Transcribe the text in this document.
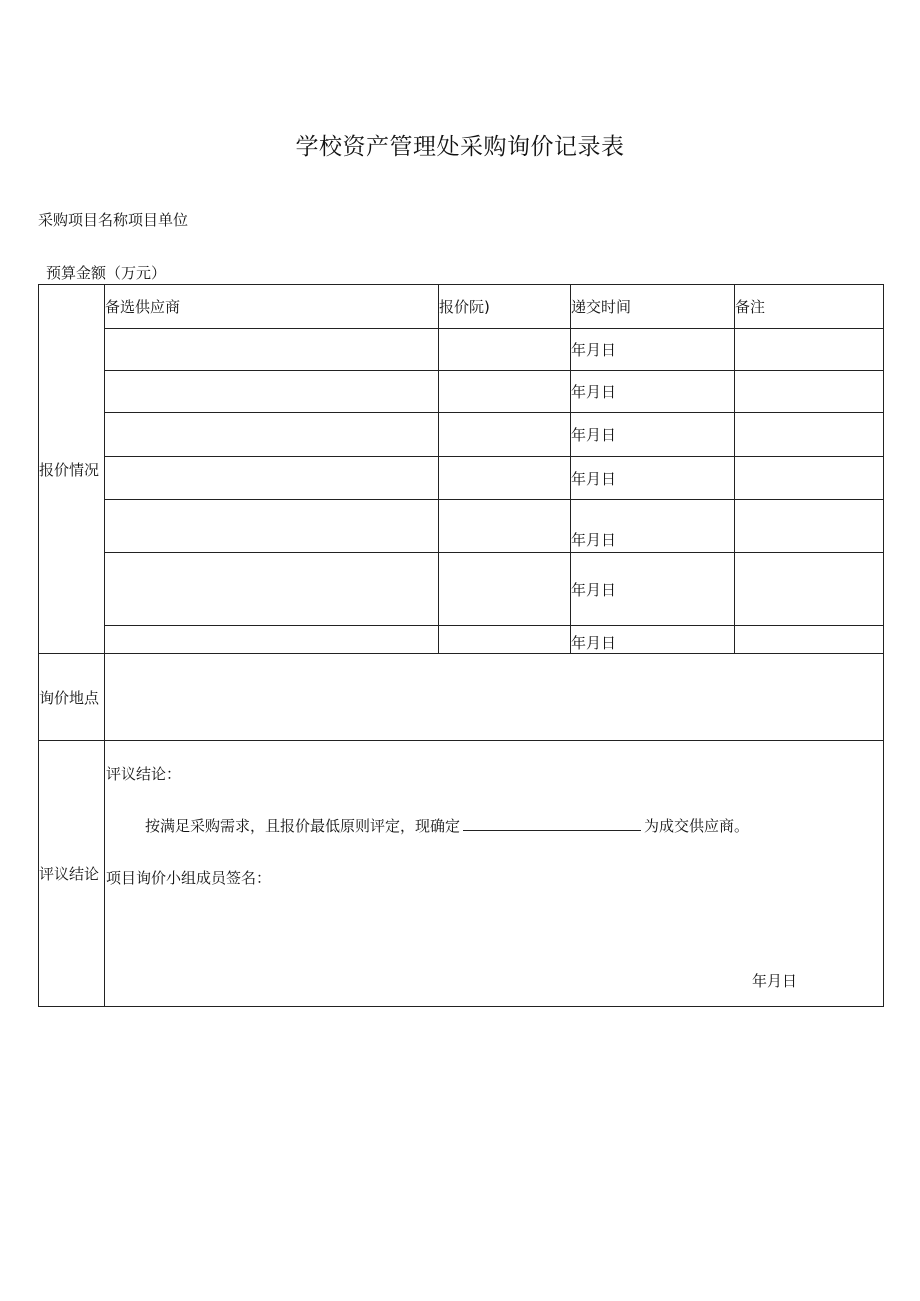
学校资产管理处采购询价记录表
采购项目名称项目单位
预算金额（万元）
报价情况	备选供应商	报价阮)	递交时间	备注
			年月日	
			年月日	
			年月日	
			年月日	
			年月日	
			年月日	
			年月日	
询价地点				
评议结论	评议结论：
按满足采购需求，且报价最低原则评定，现确定 为成交供应商。
项目询价小组成员签名：
年月日			
